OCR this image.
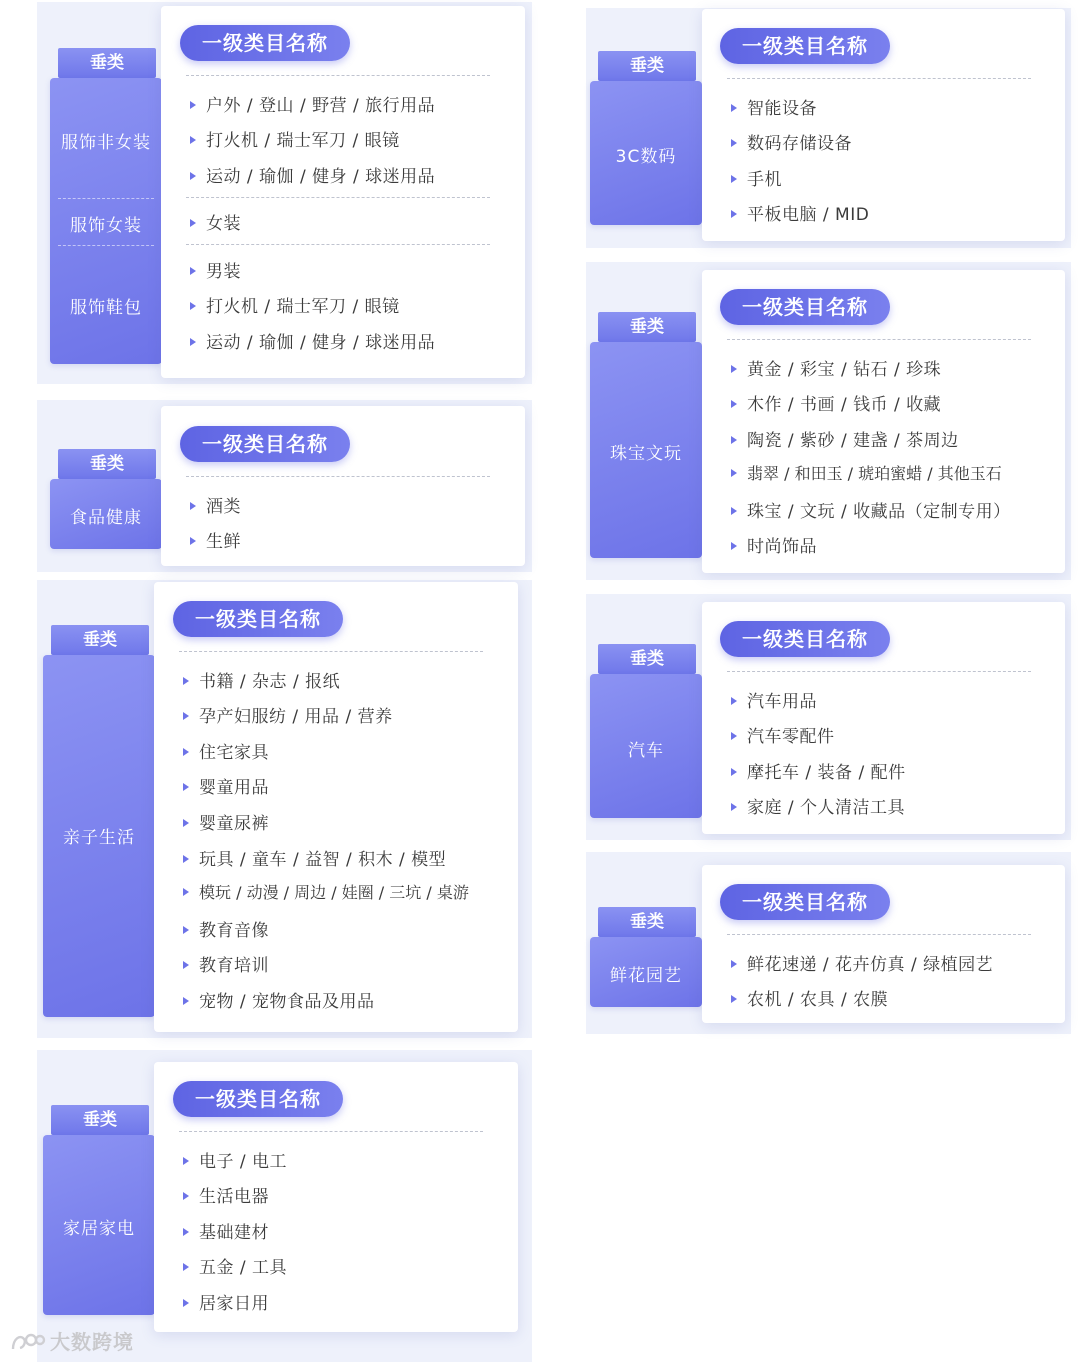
垂类
服饰非女装
服饰女装
服饰鞋包
一级类目名称
户外 / 登山 / 野营 / 旅行用品
打火机 / 瑞士军刀 / 眼镜
运动 / 瑜伽 / 健身 / 球迷用品
女装
男装
打火机 / 瑞士军刀 / 眼镜
运动 / 瑜伽 / 健身 / 球迷用品
垂类
食品健康
一级类目名称
酒类
生鲜
垂类
亲子生活
一级类目名称
书籍 / 杂志 / 报纸
孕产妇服纺 / 用品 / 营养
住宅家具
婴童用品
婴童尿裤
玩具 / 童车 / 益智 / 积木 / 模型
模玩 / 动漫 / 周边 / 娃圈 / 三坑 / 桌游
教育音像
教育培训
宠物 / 宠物食品及用品
垂类
家居家电
一级类目名称
电子 / 电工
生活电器
基础建材
五金 / 工具
居家日用
垂类
3C数码
一级类目名称
智能设备
数码存储设备
手机
平板电脑 / MID
垂类
珠宝文玩
一级类目名称
黄金 / 彩宝 / 钻石 / 珍珠
木作 / 书画 / 钱币 / 收藏
陶瓷 / 紫砂 / 建盏 / 茶周边
翡翠 / 和田玉 / 琥珀蜜蜡 / 其他玉石
珠宝 / 文玩 / 收藏品（定制专用）
时尚饰品
垂类
汽车
一级类目名称
汽车用品
汽车零配件
摩托车 / 装备 / 配件
家庭 / 个人清洁工具
垂类
鲜花园艺
一级类目名称
鲜花速递 / 花卉仿真 / 绿植园艺
农机 / 农具 / 农膜
大数跨境
